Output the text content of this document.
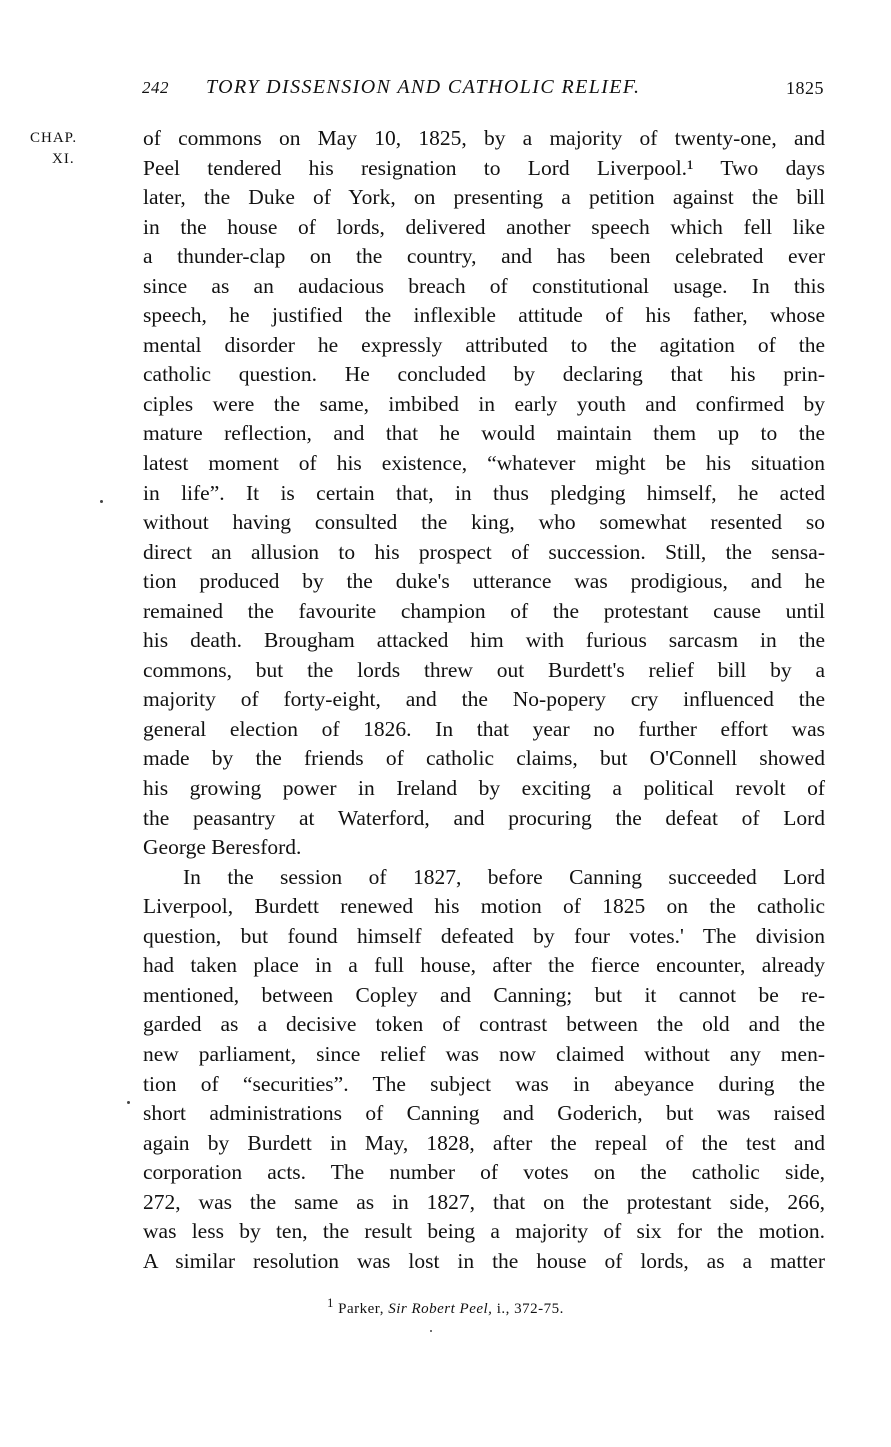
242 TORY DISSENSION AND CATHOLIC RELIEF.	1825
CHAP.
XI.
of commons on May 10, 1825, by a majority of twenty-one, and
Peel tendered his resignation to Lord Liverpool.¹ Two days
later, the Duke of York, on presenting a petition against the bill
in the house of lords, delivered another speech which fell like
a thunder-clap on the country, and has been celebrated ever
since as an audacious breach of constitutional usage. In this
speech, he justified the inflexible attitude of his father, whose
mental disorder he expressly attributed to the agitation of the
catholic question. He concluded by declaring that his prin-
ciples were the same, imbibed in early youth and confirmed by
mature reflection, and that he would maintain them up to the
latest moment of his existence, “whatever might be his situation
in life”. It is certain that, in thus pledging himself, he acted
without having consulted the king, who somewhat resented so
direct an allusion to his prospect of succession. Still, the sensa-
tion produced by the duke's utterance was prodigious, and he
remained the favourite champion of the protestant cause until
his death. Brougham attacked him with furious sarcasm in the
commons, but the lords threw out Burdett's relief bill by a
majority of forty-eight, and the No-popery cry influenced the
general election of 1826. In that year no further effort was
made by the friends of catholic claims, but O'Connell showed
his growing power in Ireland by exciting a political revolt of
the peasantry at Waterford, and procuring the defeat of Lord
George Beresford.
In the session of 1827, before Canning succeeded Lord
Liverpool, Burdett renewed his motion of 1825 on the catholic
question, but found himself defeated by four votes.' The division
had taken place in a full house, after the fierce encounter, already
mentioned, between Copley and Canning; but it cannot be re-
garded as a decisive token of contrast between the old and the
new parliament, since relief was now claimed without any men-
tion of “securities”. The subject was in abeyance during the
short administrations of Canning and Goderich, but was raised
again by Burdett in May, 1828, after the repeal of the test and
corporation acts. The number of votes on the catholic side,
272, was the same as in 1827, that on the protestant side, 266,
was less by ten, the result being a majority of six for the motion.
A similar resolution was lost in the house of lords, as a matter
$^1$ Parker, Sir Robert Peel, i., 372-75.
